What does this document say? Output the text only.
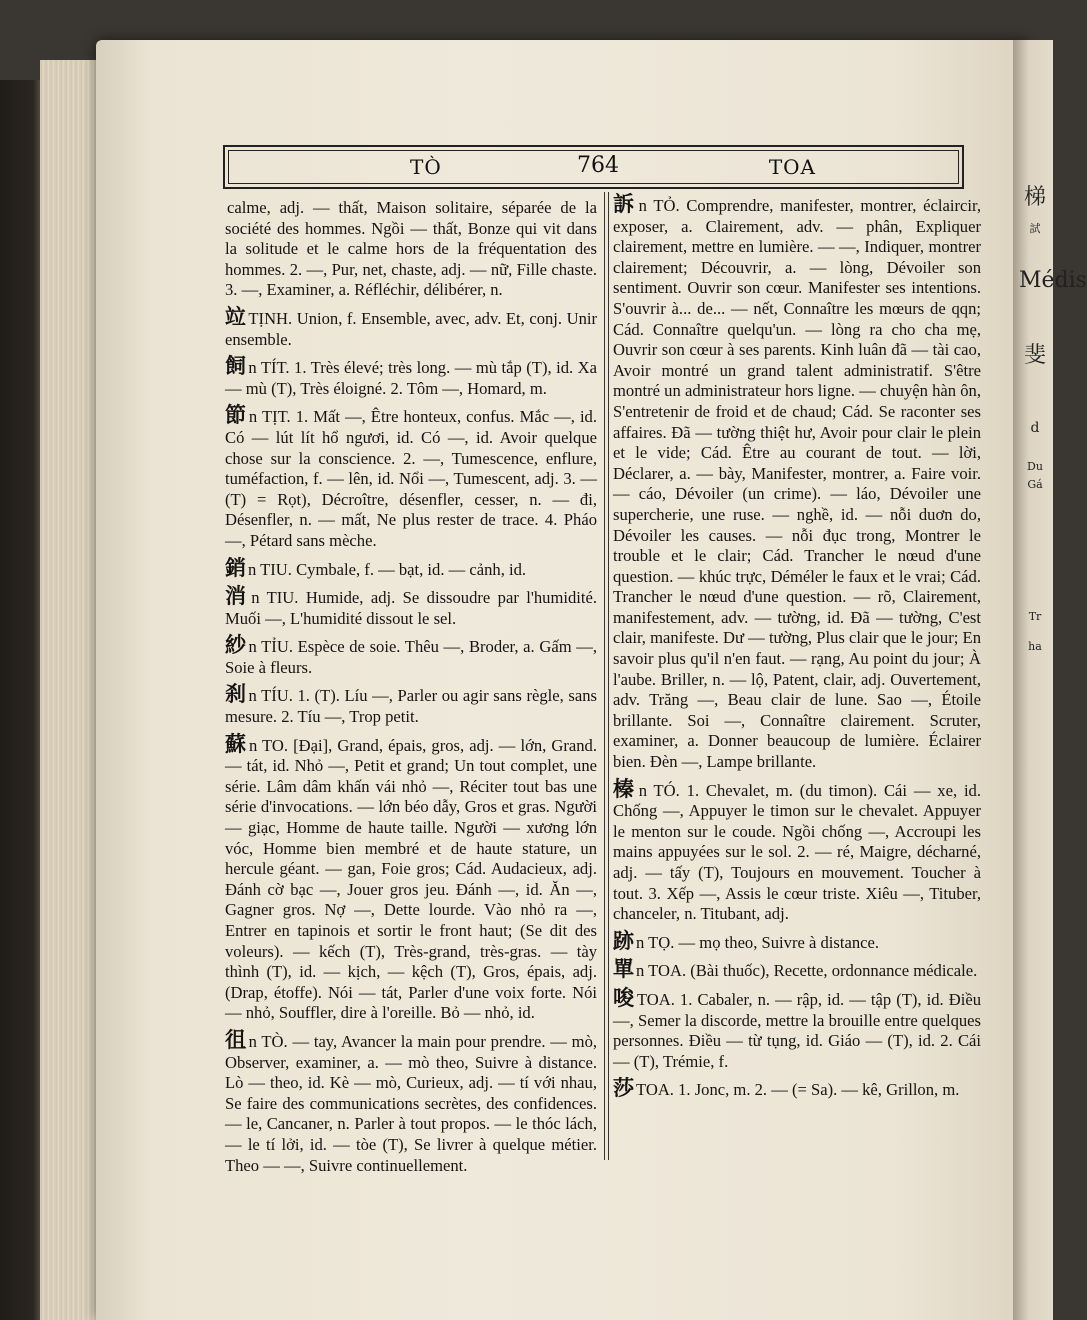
梯
試
Médis
斐
d
Du
Gá
Tr
ha
TÒ	764	TOA
calme, adj. — thất, Maison solitaire, séparée de la société des hommes. Ngồi — thất, Bonze qui vit dans la solitude et le calme hors de la fréquentation des hommes. 2. —, Pur, net, chaste, adj. — nữ, Fille chaste. 3. —, Examiner, a. Réfléchir, délibérer, n.
竝 TỊNH. Union, f. Ensemble, avec, adv. Et, conj. Unir ensemble.
飼 n TÍT. 1. Très élevé; très long. — mù tắp (T), id. Xa — mù (T), Très éloigné. 2. Tôm —, Homard, m.
節 n TỊT. 1. Mất —, Être honteux, confus. Mắc —, id. Có — lút lít hổ ngươi, id. Có —, id. Avoir quelque chose sur la conscience. 2. —, Tumescence, enflure, tuméfaction, f. — lên, id. Nổi —, Tumescent, adj. 3. — (T) = Rọt), Décroître, désenfler, cesser, n. — đi, Désenfler, n. — mất, Ne plus rester de trace. 4. Pháo —, Pétard sans mèche.
銷 n TIU. Cymbale, f. — bạt, id. — cảnh, id.
消 n TIU. Humide, adj. Se dissoudre par l'humidité. Muối —, L'humidité dissout le sel.
紗 n TỈU. Espèce de soie. Thêu —, Broder, a. Gấm —, Soie à fleurs.
刹 n TÍU. 1. (T). Líu —, Parler ou agir sans règle, sans mesure. 2. Tíu —, Trop petit.
蘇 n TO. [Đại], Grand, épais, gros, adj. — lớn, Grand. — tát, id. Nhỏ —, Petit et grand; Un tout complet, une série. Lâm dâm khấn vái nhỏ —, Réciter tout bas une série d'invocations. — lớn béo dẫy, Gros et gras. Người — giạc, Homme de haute taille. Người — xương lớn vóc, Homme bien membré et de haute stature, un hercule géant. — gan, Foie gros; Cád. Audacieux, adj. Đánh cờ bạc —, Jouer gros jeu. Đánh —, id. Ăn —, Gagner gros. Nợ —, Dette lourde. Vào nhỏ ra —, Entrer en tapinois et sortir le front haut; (Se dit des voleurs). — kếch (T), Très-grand, très-gras. — tày thình (T), id. — kịch, — kệch (T), Gros, épais, adj. (Drap, étoffe). Nói — tát, Parler d'une voix forte. Nói — nhỏ, Souffler, dire à l'oreille. Bỏ — nhỏ, id.
徂 n TÒ. — tay, Avancer la main pour prendre. — mò, Observer, examiner, a. — mò theo, Suivre à distance. Lò — theo, id. Kè — mò, Curieux, adj. — tí với nhau, Se faire des communications secrètes, des confidences. — le, Cancaner, n. Parler à tout propos. — le thóc lách, — le tí lởi, id. — tòe (T), Se livrer à quelque métier. Theo — —, Suivre continuellement.
訴 n TỎ. Comprendre, manifester, montrer, éclaircir, exposer, a. Clairement, adv. — phân, Expliquer clairement, mettre en lumière. — —, Indiquer, montrer clairement; Découvrir, a. — lòng, Dévoiler son sentiment. Ouvrir son cœur. Manifester ses intentions. S'ouvrir à... de... — nết, Connaître les mœurs de qqn; Cád. Connaître quelqu'un. — lòng ra cho cha mẹ, Ouvrir son cœur à ses parents. Kinh luân đã — tài cao, Avoir montré un grand talent administratif. S'être montré un administrateur hors ligne. — chuyện hàn ôn, S'entretenir de froid et de chaud; Cád. Se raconter ses affaires. Đã — tường thiệt hư, Avoir pour clair le plein et le vide; Cád. Être au courant de tout. — lời, Déclarer, a. — bày, Manifester, montrer, a. Faire voir. — cáo, Dévoiler (un crime). — láo, Dévoiler une supercherie, une ruse. — nghề, id. — nỗi duơn do, Dévoiler les causes. — nỗi đục trong, Montrer le trouble et le clair; Cád. Trancher le nœud d'une question. — khúc trực, Déméler le faux et le vrai; Cád. Trancher le nœud d'une question. — rõ, Clairement, manifestement, adv. — tường, id. Đã — tường, C'est clair, manifeste. Dư — tường, Plus clair que le jour; En savoir plus qu'il n'en faut. — rạng, Au point du jour; À l'aube. Briller, n. — lộ, Patent, clair, adj. Ouvertement, adv. Trăng —, Beau clair de lune. Sao —, Étoile brillante. Soi —, Connaître clairement. Scruter, examiner, a. Donner beaucoup de lumière. Éclairer bien. Đèn —, Lampe brillante.
榛 n TÓ. 1. Chevalet, m. (du timon). Cái — xe, id. Chống —, Appuyer le timon sur le chevalet. Appuyer le menton sur le coude. Ngồi chống —, Accroupi les mains appuyées sur le sol. 2. — ré, Maigre, décharné, adj. — tấy (T), Toujours en mouvement. Toucher à tout. 3. Xếp —, Assis le cœur triste. Xiêu —, Tituber, chanceler, n. Titubant, adj.
跡 n TỌ. — mọ theo, Suivre à distance.
單 n TOA. (Bài thuốc), Recette, ordonnance médicale.
唆 TOA. 1. Cabaler, n. — rập, id. — tập (T), id. Điều —, Semer la discorde, mettre la brouille entre quelques personnes. Điều — từ tụng, id. Giáo — (T), id. 2. Cái — (T), Trémie, f.
莎 TOA. 1. Jonc, m. 2. — (= Sa). — kê, Grillon, m.
